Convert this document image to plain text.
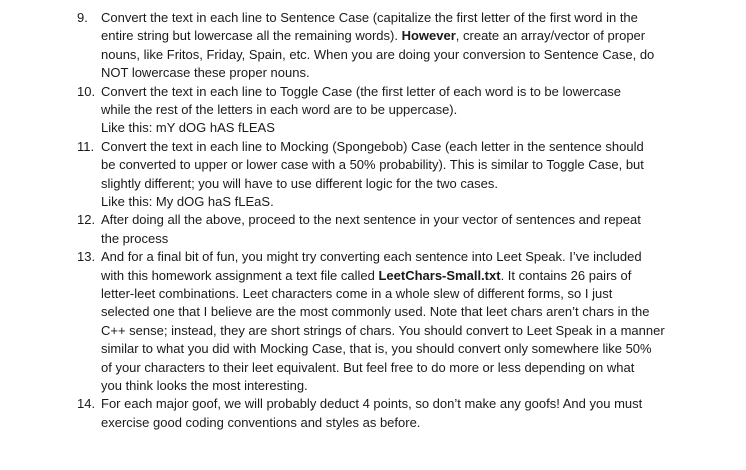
9.	Convert the text in each line to Sentence Case (capitalize the first letter of the first word in the
entire string but lowercase all the remaining words). However, create an array/vector of proper
nouns, like Fritos, Friday, Spain, etc. When you are doing your conversion to Sentence Case, do
NOT lowercase these proper nouns.
10. Convert the text in each line to Toggle Case (the first letter of each word is to be lowercase
while the rest of the letters in each word are to be uppercase).
Like this: mY dOG hAS fLEAS
11. Convert the text in each line to Mocking (Spongebob) Case (each letter in the sentence should
be converted to upper or lower case with a 50% probability). This is similar to Toggle Case, but
slightly different; you will have to use different logic for the two cases.
Like this: My dOG haS fLEaS.
12. After doing all the above, proceed to the next sentence in your vector of sentences and repeat
the process
13. And for a final bit of fun, you might try converting each sentence into Leet Speak. I’ve included
with this homework assignment a text file called LeetChars-Small.txt. It contains 26 pairs of
letter-leet combinations. Leet characters come in a whole slew of different forms, so I just
selected one that I believe are the most commonly used. Note that leet chars aren’t chars in the
C++ sense; instead, they are short strings of chars. You should convert to Leet Speak in a manner
similar to what you did with Mocking Case, that is, you should convert only somewhere like 50%
of your characters to their leet equivalent. But feel free to do more or less depending on what
you think looks the most interesting.
14. For each major goof, we will probably deduct 4 points, so don’t make any goofs! And you must
exercise good coding conventions and styles as before.
